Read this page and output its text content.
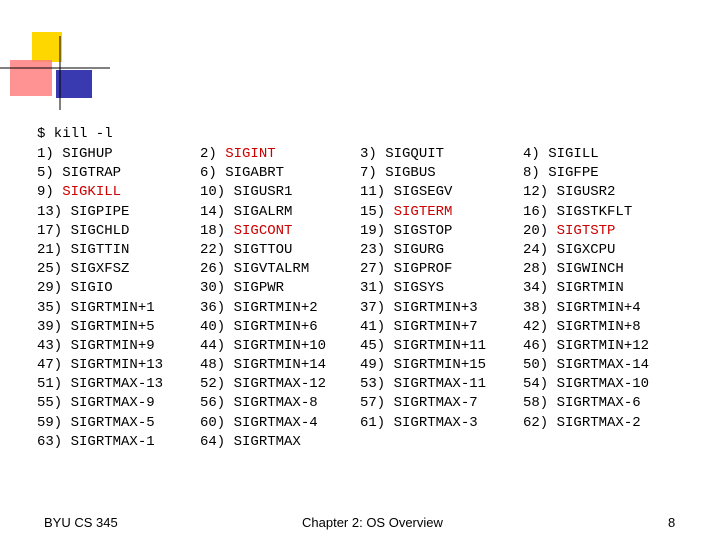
$ kill -l
1) SIGHUP
5) SIGTRAP
9) SIGKILL
13) SIGPIPE
17) SIGCHLD
21) SIGTTIN
25) SIGXFSZ
29) SIGIO
35) SIGRTMIN+1
39) SIGRTMIN+5
43) SIGRTMIN+9
47) SIGRTMIN+13
51) SIGRTMAX-13
55) SIGRTMAX-9
59) SIGRTMAX-5
63) SIGRTMAX-1
2) SIGINT
6) SIGABRT
10) SIGUSR1
14) SIGALRM
18) SIGCONT
22) SIGTTOU
26) SIGVTALRM
30) SIGPWR
36) SIGRTMIN+2
40) SIGRTMIN+6
44) SIGRTMIN+10
48) SIGRTMIN+14
52) SIGRTMAX-12
56) SIGRTMAX-8
60) SIGRTMAX-4
64) SIGRTMAX
3) SIGQUIT
7) SIGBUS
11) SIGSEGV
15) SIGTERM
19) SIGSTOP
23) SIGURG
27) SIGPROF
31) SIGSYS
37) SIGRTMIN+3
41) SIGRTMIN+7
45) SIGRTMIN+11
49) SIGRTMIN+15
53) SIGRTMAX-11
57) SIGRTMAX-7
61) SIGRTMAX-3
4) SIGILL
8) SIGFPE
12) SIGUSR2
16) SIGSTKFLT
20) SIGTSTP
24) SIGXCPU
28) SIGWINCH
34) SIGRTMIN
38) SIGRTMIN+4
42) SIGRTMIN+8
46) SIGRTMIN+12
50) SIGRTMAX-14
54) SIGRTMAX-10
58) SIGRTMAX-6
62) SIGRTMAX-2
BYU CS 345	Chapter 2: OS Overview	8
